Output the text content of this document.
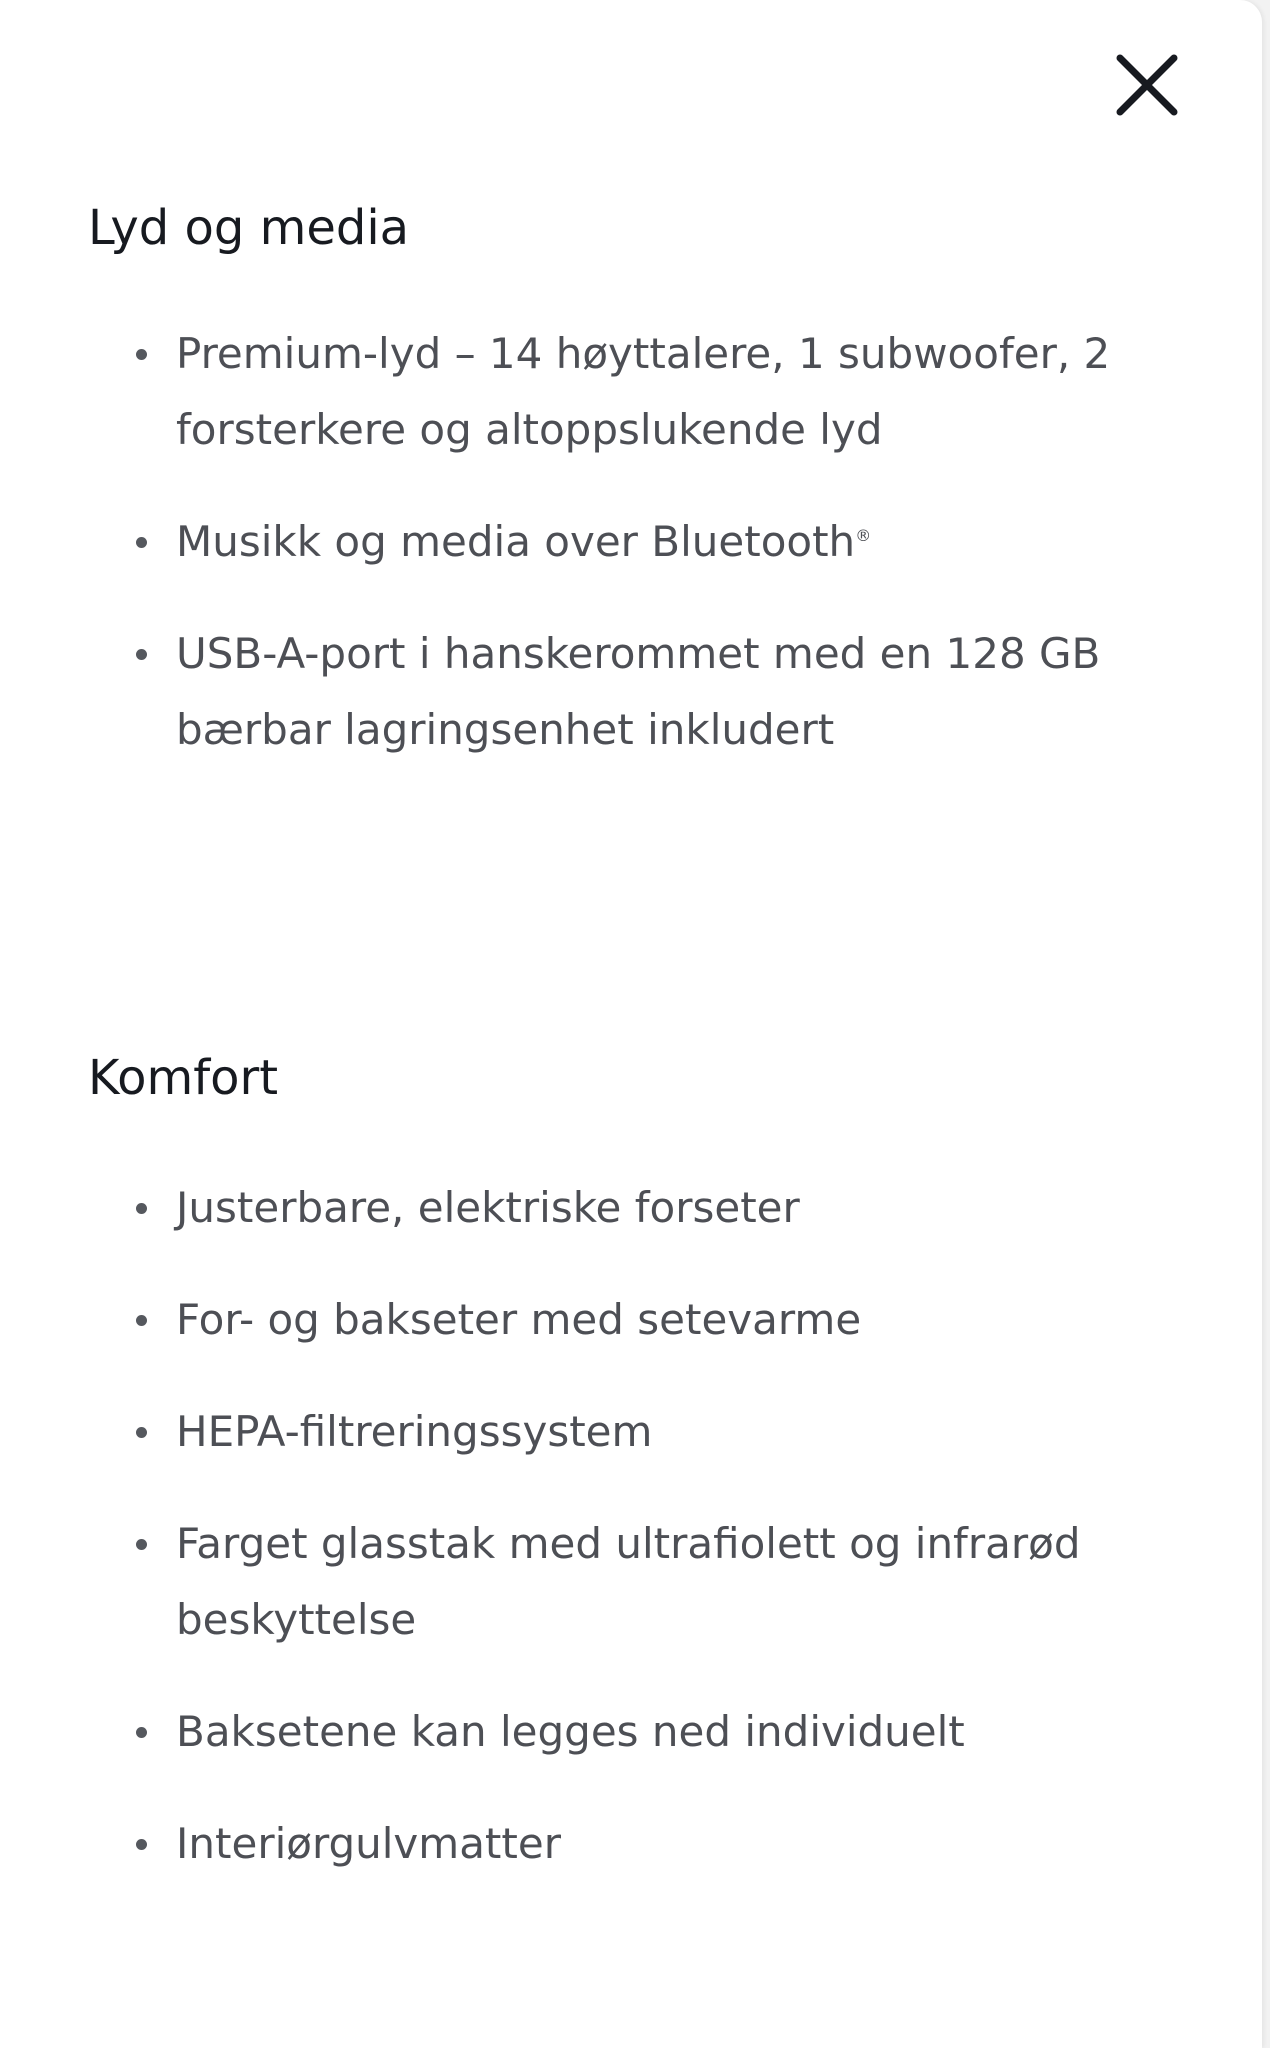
Lyd og media
Premium-lyd – 14 høyttalere, 1 subwoofer, 2 forsterkere og altoppslukende lyd
Musikk og media over Bluetooth®
USB-A-port i hanskerommet med en 128 GB bærbar lagringsenhet inkludert
Komfort
Justerbare, elektriske forseter
For- og bakseter med setevarme
HEPA-filtreringssystem
Farget glasstak med ultrafiolett og infrarød beskyttelse
Baksetene kan legges ned individuelt
Interiørgulvmatter
